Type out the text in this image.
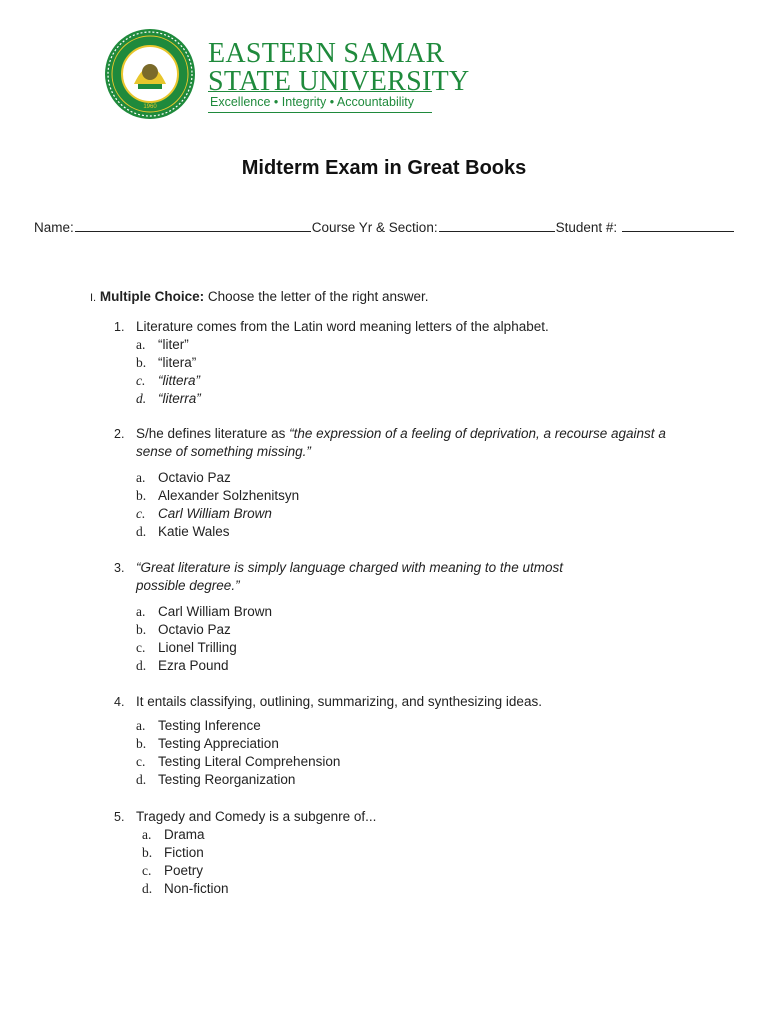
1960
EASTERN SAMAR
STATE UNIVERSITY
Excellence • Integrity • Accountability
Midterm Exam in Great Books
Name:	Course Yr & Section:	Student #:
I. Multiple Choice: Choose the letter of the right answer.
1. Literature comes from the Latin word meaning letters of the alphabet.
a. “liter”
b. “litera”
c. “littera”
d. “literra”
2. S/he defines literature as “the expression of a feeling of deprivation, a recourse against a sense of something missing.”
a. Octavio Paz
b. Alexander Solzhenitsyn
c. Carl William Brown
d. Katie Wales
3. “Great literature is simply language charged with meaning to the utmost possible degree.”
a. Carl William Brown
b. Octavio Paz
c. Lionel Trilling
d. Ezra Pound
4. It entails classifying, outlining, summarizing, and synthesizing ideas.
a. Testing Inference
b. Testing Appreciation
c. Testing Literal Comprehension
d. Testing Reorganization
5. Tragedy and Comedy is a subgenre of...
a. Drama
b. Fiction
c. Poetry
d. Non-fiction
